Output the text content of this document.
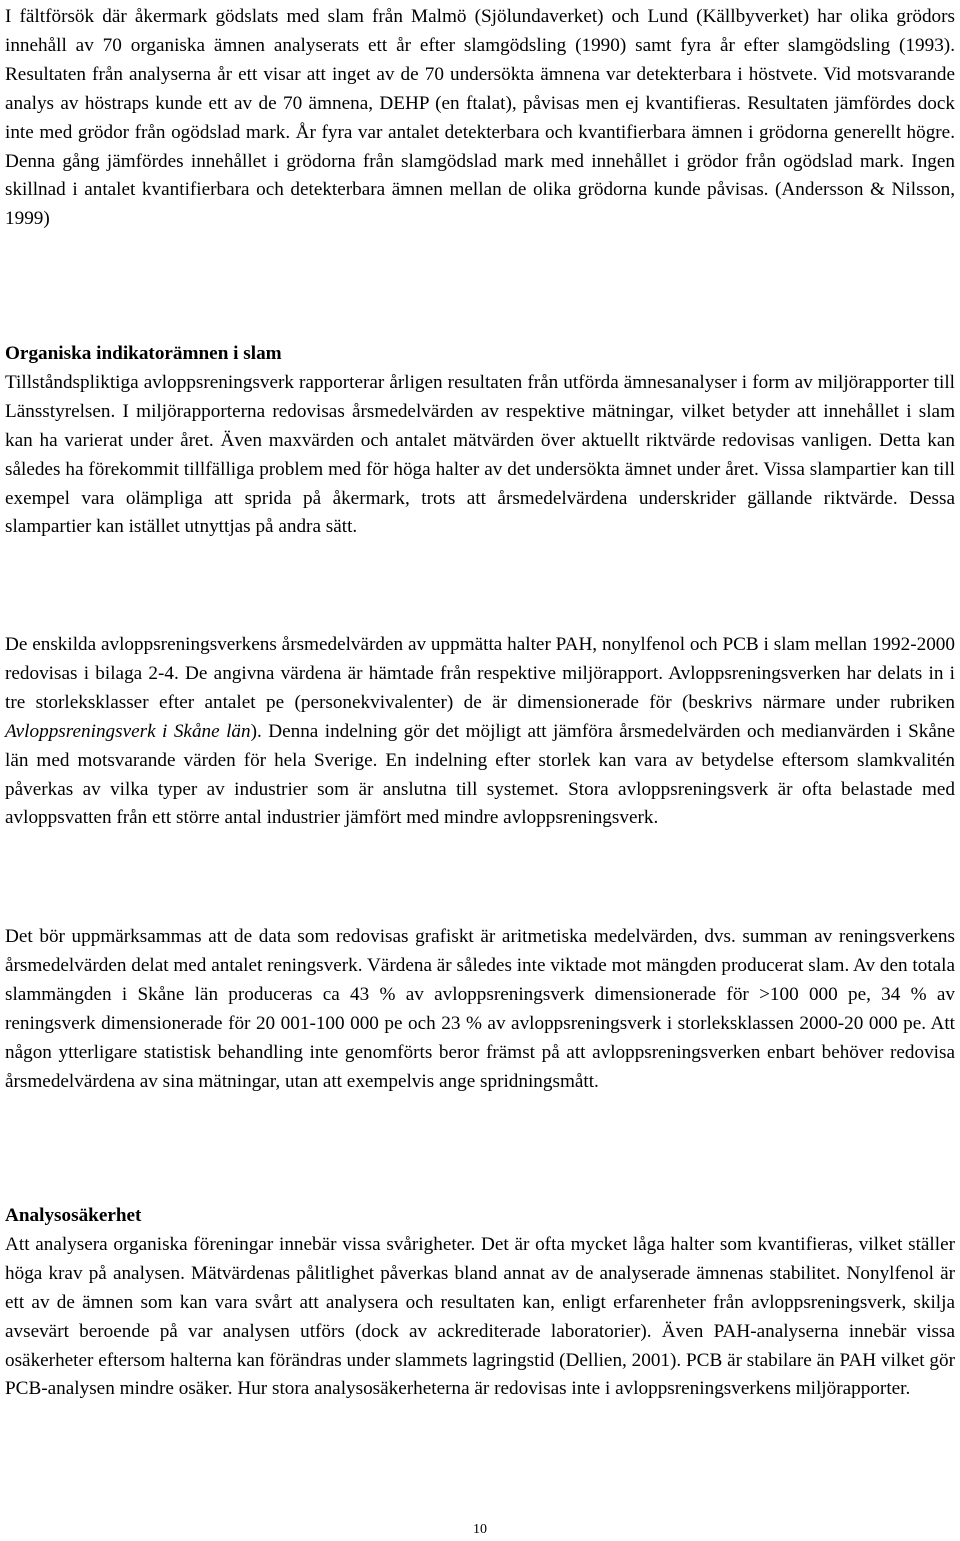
I fältförsök där åkermark gödslats med slam från Malmö (Sjölundaverket) och Lund (Källbyverket) har olika grödors innehåll av 70 organiska ämnen analyserats ett år efter slamgödsling (1990) samt fyra år efter slamgödsling (1993). Resultaten från analyserna år ett visar att inget av de 70 undersökta ämnena var detekterbara i höstvete. Vid motsvarande analys av höstraps kunde ett av de 70 ämnena, DEHP (en ftalat), påvisas men ej kvantifieras. Resultaten jämfördes dock inte med grödor från ogödslad mark. År fyra var antalet detekterbara och kvantifierbara ämnen i grödorna generellt högre. Denna gång jämfördes innehållet i grödorna från slamgödslad mark med innehållet i grödor från ogödslad mark. Ingen skillnad i antalet kvantifierbara och detekterbara ämnen mellan de olika grödorna kunde påvisas. (Andersson & Nilsson, 1999)

Organiska indikatorämnen i slam

Tillståndspliktiga avloppsreningsverk rapporterar årligen resultaten från utförda ämnesanalyser i form av miljörapporter till Länsstyrelsen. I miljörapporterna redovisas årsmedelvärden av respektive mätningar, vilket betyder att innehållet i slam kan ha varierat under året. Även maxvärden och antalet mätvärden över aktuellt riktvärde redovisas vanligen. Detta kan således ha förekommit tillfälliga problem med för höga halter av det undersökta ämnet under året. Vissa slampartier kan till exempel vara olämpliga att sprida på åkermark, trots att årsmedelvärdena underskrider gällande riktvärde. Dessa slampartier kan istället utnyttjas på andra sätt.

De enskilda avloppsreningsverkens årsmedelvärden av uppmätta halter PAH, nonylfenol och PCB i slam mellan 1992-2000 redovisas i bilaga 2-4. De angivna värdena är hämtade från respektive miljörapport. Avloppsreningsverken har delats in i tre storleksklasser efter antalet pe (personekvivalenter) de är dimensionerade för (beskrivs närmare under rubriken Avloppsreningsverk i Skåne län). Denna indelning gör det möjligt att jämföra årsmedelvärden och medianvärden i Skåne län med motsvarande värden för hela Sverige. En indelning efter storlek kan vara av betydelse eftersom slamkvalitén påverkas av vilka typer av industrier som är anslutna till systemet. Stora avloppsreningsverk är ofta belastade med avloppsvatten från ett större antal industrier jämfört med mindre avloppsreningsverk.

Det bör uppmärksammas att de data som redovisas grafiskt är aritmetiska medelvärden, dvs. summan av reningsverkens årsmedelvärden delat med antalet reningsverk. Värdena är således inte viktade mot mängden producerat slam. Av den totala slammängden i Skåne län produceras ca 43 % av avloppsreningsverk dimensionerade för >100 000 pe, 34 % av reningsverk dimensionerade för 20 001-100 000 pe och 23 % av avloppsreningsverk i storleksklassen 2000-20 000 pe. Att någon ytterligare statistisk behandling inte genomförts beror främst på att avloppsreningsverken enbart behöver redovisa årsmedelvärdena av sina mätningar, utan att exempelvis ange spridningsmått.

Analysosäkerhet

Att analysera organiska föreningar innebär vissa svårigheter. Det är ofta mycket låga halter som kvantifieras, vilket ställer höga krav på analysen. Mätvärdenas pålitlighet påverkas bland annat av de analyserade ämnenas stabilitet. Nonylfenol är ett av de ämnen som kan vara svårt att analysera och resultaten kan, enligt erfarenheter från avloppsreningsverk, skilja avsevärt beroende på var analysen utförs (dock av ackrediterade laboratorier). Även PAH-analyserna innebär vissa osäkerheter eftersom halterna kan förändras under slammets lagringstid (Dellien, 2001). PCB är stabilare än PAH vilket gör PCB-analysen mindre osäker. Hur stora analysosäkerheterna är redovisas inte i avloppsreningsverkens miljörapporter.

10
